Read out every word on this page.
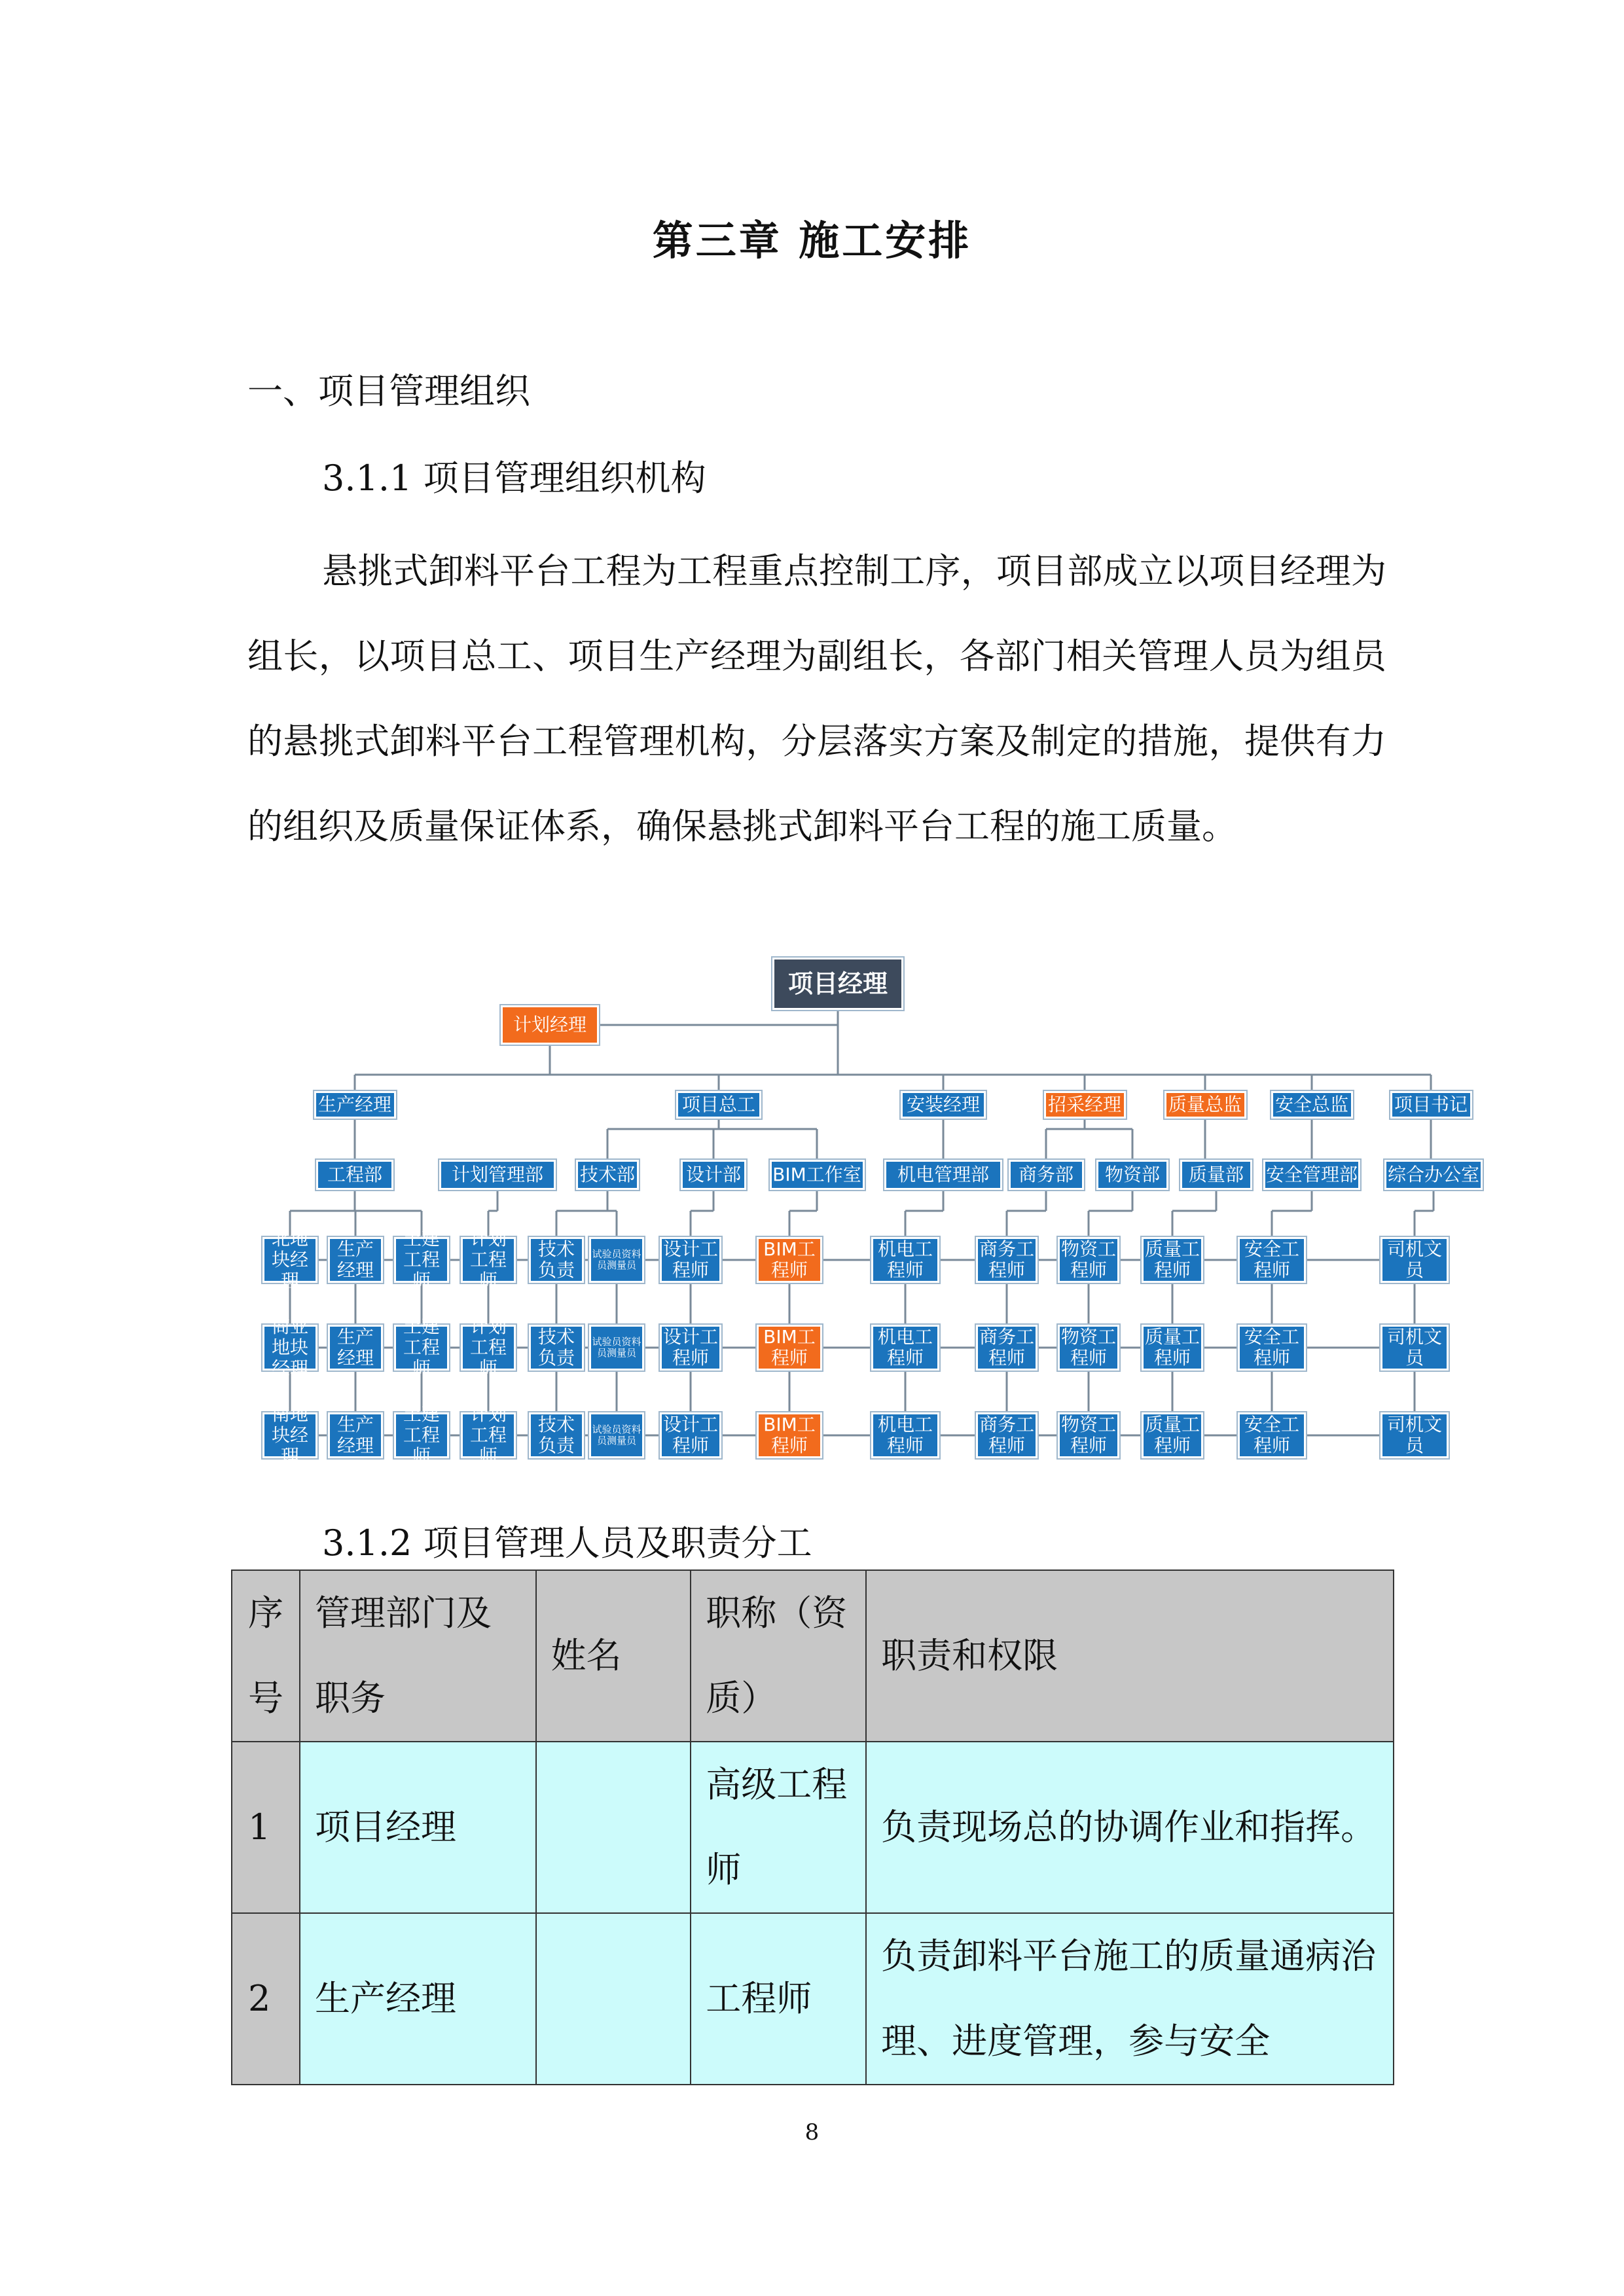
第三章 施工安排
一、项目管理组织
3.1.1 项目管理组织机构

悬挑式卸料平台工程为工程重点控制工序，项目部成立以项目经理为组长，以项目总工、项目生产经理为副组长，各部门相关管理人员为组员的悬挑式卸料平台工程管理机构，分层落实方案及制定的措施，提供有力的组织及质量保证体系，确保悬挑式卸料平台工程的施工质量。

项目经理
计划经理
生产经理	项目总工	安装经理	招采经理	质量总监 安全总监 项目书记
工程部	计划管理部	技术部	设计部 BIM工作室	机电管理部	商务部	物资部	质量部	安全管理部 综合办公室
北地块经理
生产经理
土建工程师
计划工程师
技术负责
试验员资料员测量员
设计工程师
BIM工程师
机电工程师
商务工程师
物资工程师
质量工程师
安全工程师
司机文员
商业地块经理
生产经理
土建工程师
计划工程师
技术负责
试验员资料员测量员
设计工程师
BIM工程师
机电工程师
商务工程师
物资工程师
质量工程师
安全工程师
司机文员
南地块经理
生产经理
土建工程师
计划工程师
技术负责
试验员资料员测量员
设计工程师
BIM工程师
机电工程师
商务工程师
物资工程师
质量工程师
安全工程师
司机文员
3.1.2 项目管理人员及职责分工
序号	管理部门及职务	姓名	职称（资质）	职责和权限
1	项目经理		高级工程师	负责现场总的协调作业和指挥。
2	生产经理		工程师	负责卸料平台施工的质量通病治理、进度管理，参与安全
8
